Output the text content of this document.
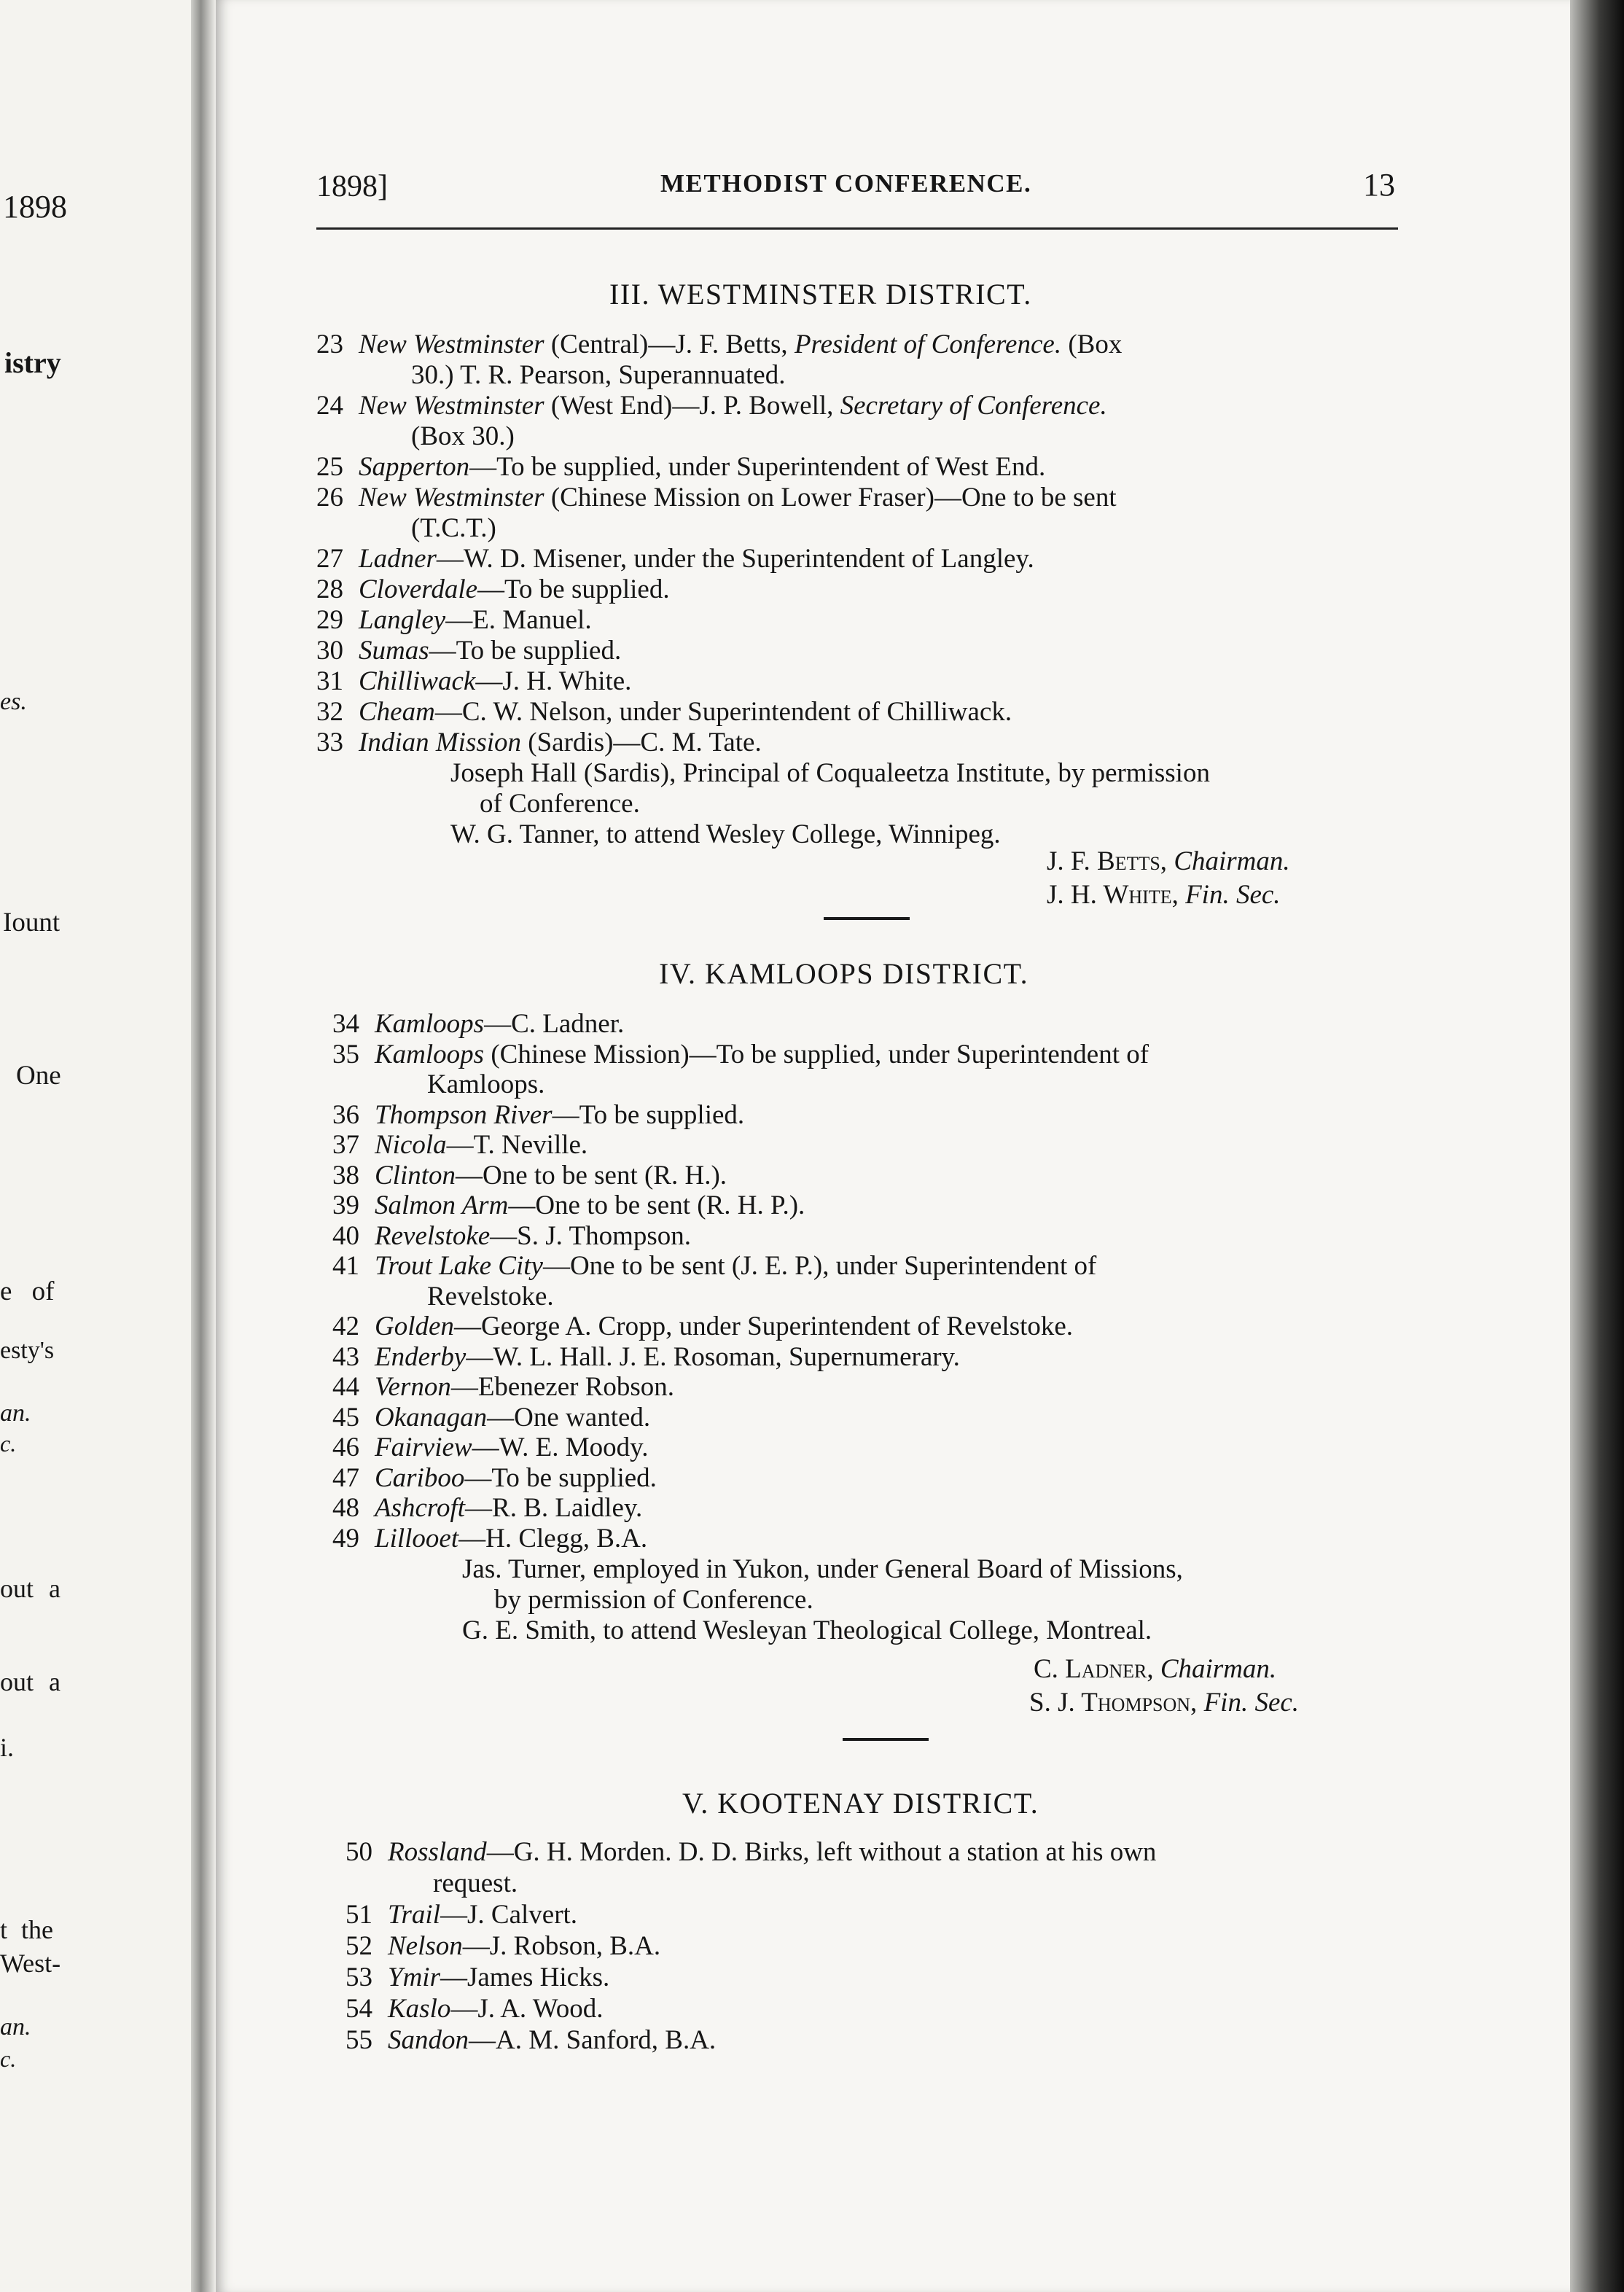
1898

istry
es.
Iount
One
e of
esty's
an.
c.
out a
out a
i.
t the
West-
an.
c.
1898]	METHODIST CONFERENCE.	13
III. WESTMINSTER DISTRICT.
23 New Westminster (Central)—J. F. Betts, President of Conference. (Box
30.) T. R. Pearson, Superannuated.
24 New Westminster (West End)—J. P. Bowell, Secretary of Conference.
(Box 30.)
25 Sapperton—To be supplied, under Superintendent of West End.
26 New Westminster (Chinese Mission on Lower Fraser)—One to be sent
(T.C.T.)
27 Ladner—W. D. Misener, under the Superintendent of Langley.
28 Cloverdale—To be supplied.
29 Langley—E. Manuel.
30 Sumas—To be supplied.
31 Chilliwack—J. H. White.
32 Cheam—C. W. Nelson, under Superintendent of Chilliwack.
33 Indian Mission (Sardis)—C. M. Tate.
Joseph Hall (Sardis), Principal of Coqualeetza Institute, by permission
of Conference.
W. G. Tanner, to attend Wesley College, Winnipeg.
J. F. Betts, Chairman.
J. H. White, Fin. Sec.
IV. KAMLOOPS DISTRICT.
34 Kamloops—C. Ladner.
35 Kamloops (Chinese Mission)—To be supplied, under Superintendent of
Kamloops.
36 Thompson River—To be supplied.
37 Nicola—T. Neville.
38 Clinton—One to be sent (R. H.).
39 Salmon Arm—One to be sent (R. H. P.).
40 Revelstoke—S. J. Thompson.
41 Trout Lake City—One to be sent (J. E. P.), under Superintendent of
Revelstoke.
42 Golden—George A. Cropp, under Superintendent of Revelstoke.
43 Enderby—W. L. Hall. J. E. Rosoman, Supernumerary.
44 Vernon—Ebenezer Robson.
45 Okanagan—One wanted.
46 Fairview—W. E. Moody.
47 Cariboo—To be supplied.
48 Ashcroft—R. B. Laidley.
49 Lillooet—H. Clegg, B.A.
Jas. Turner, employed in Yukon, under General Board of Missions,
by permission of Conference.
G. E. Smith, to attend Wesleyan Theological College, Montreal.
C. Ladner, Chairman.
S. J. Thompson, Fin. Sec.
V. KOOTENAY DISTRICT.
50 Rossland—G. H. Morden. D. D. Birks, left without a station at his own
request.
51 Trail—J. Calvert.
52 Nelson—J. Robson, B.A.
53 Ymir—James Hicks.
54 Kaslo—J. A. Wood.
55 Sandon—A. M. Sanford, B.A.
